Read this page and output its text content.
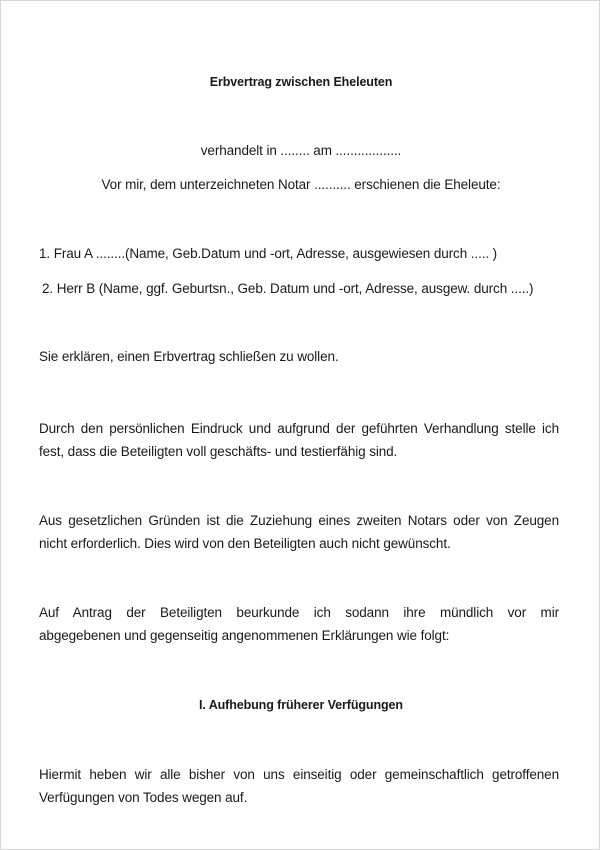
Erbvertrag zwischen Eheleuten
verhandelt in ........ am ..................
Vor mir, dem unterzeichneten Notar .......... erschienen die Eheleute:
1. Frau A ........(Name, Geb.Datum und -ort, Adresse, ausgewiesen durch ..... )
2. Herr B (Name, ggf. Geburtsn., Geb. Datum und -ort, Adresse, ausgew. durch .....)
Sie erklären, einen Erbvertrag schließen zu wollen.
Durch den persönlichen Eindruck und aufgrund der geführten Verhandlung stelle ich
fest, dass die Beteiligten voll geschäfts- und testierfähig sind.
Aus gesetzlichen Gründen ist die Zuziehung eines zweiten Notars oder von Zeugen
nicht erforderlich. Dies wird von den Beteiligten auch nicht gewünscht.
Auf Antrag der Beteiligten beurkunde ich sodann ihre mündlich vor mir
abgegebenen und gegenseitig angenommenen Erklärungen wie folgt:
I. Aufhebung früherer Verfügungen
Hiermit heben wir alle bisher von uns einseitig oder gemeinschaftlich getroffenen
Verfügungen von Todes wegen auf.
